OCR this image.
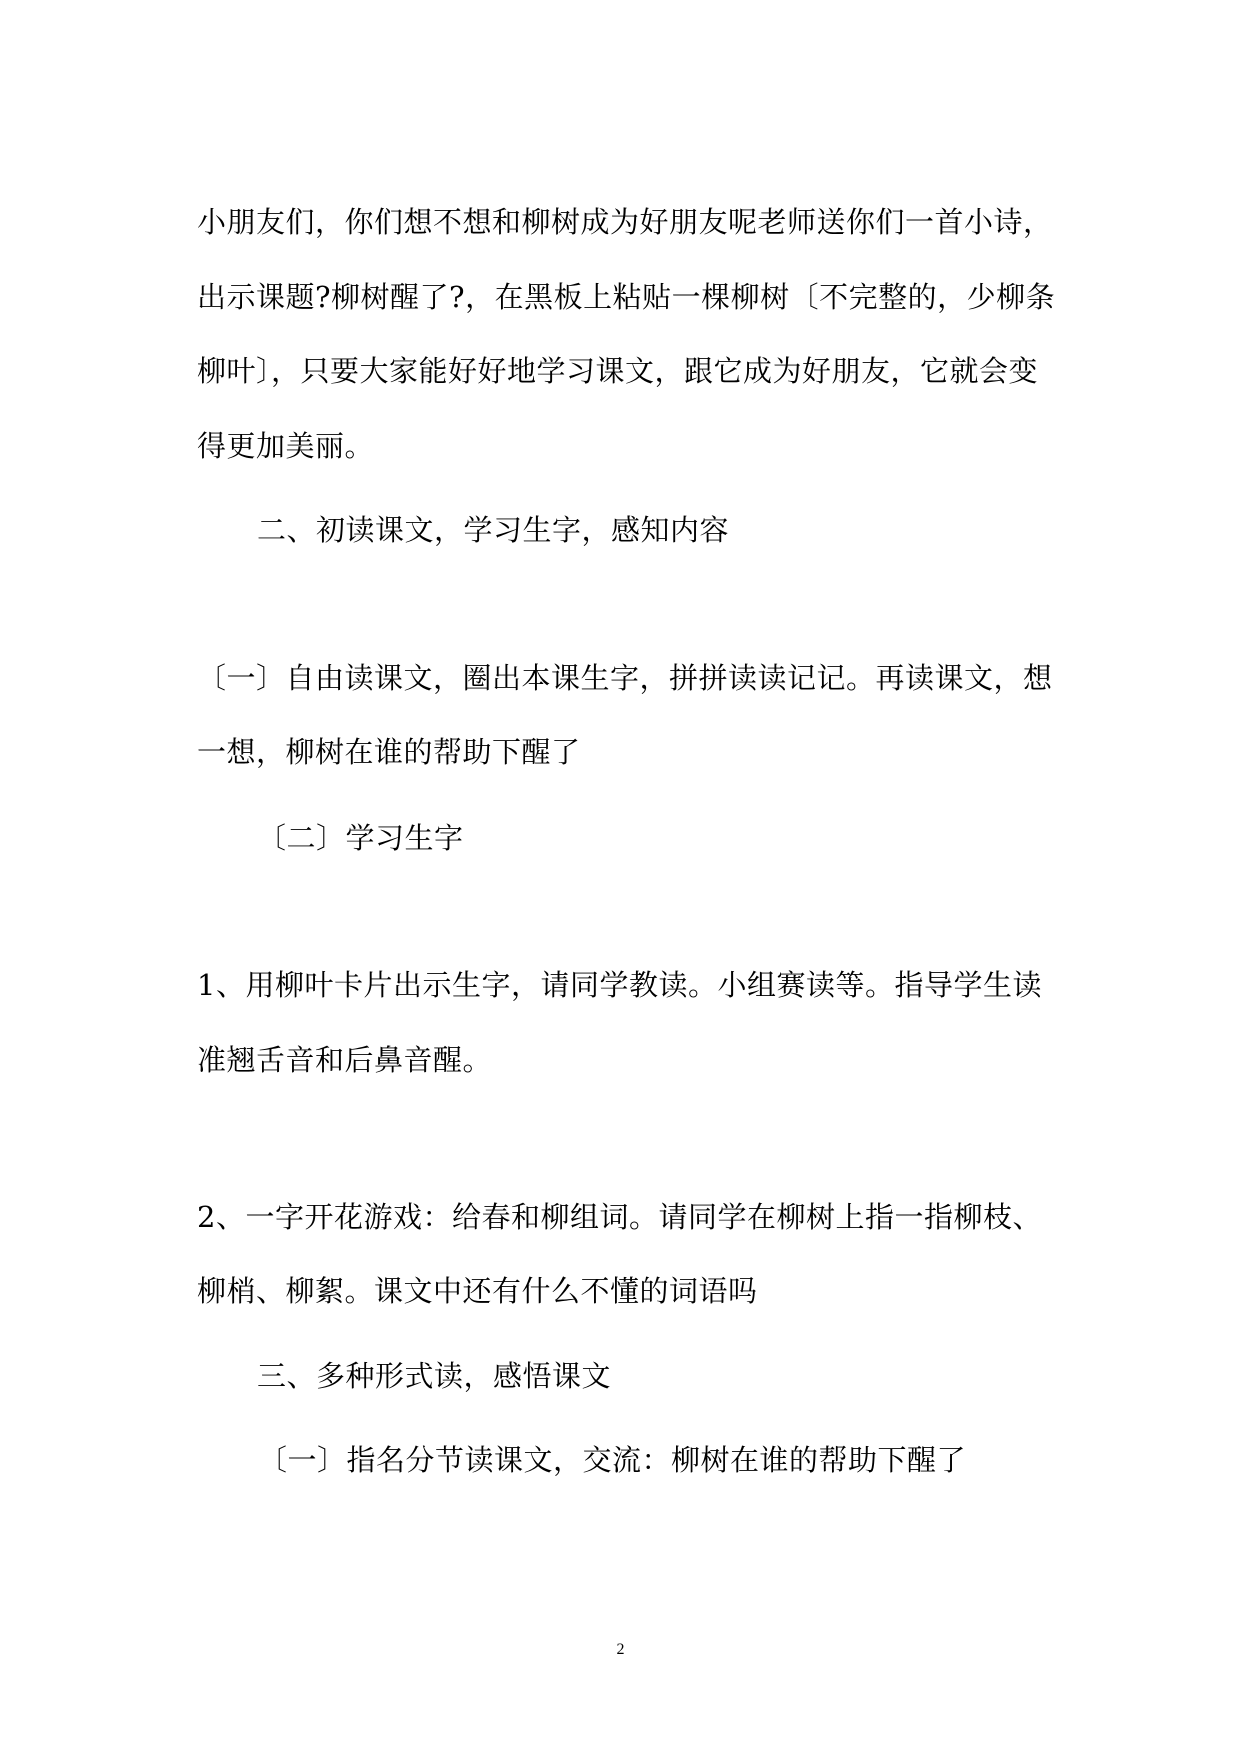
小朋友们，你们想不想和柳树成为好朋友呢老师送你们一首小诗，
出示课题?柳树醒了?，在黑板上粘贴一棵柳树〔不完整的，少柳条
柳叶〕，只要大家能好好地学习课文，跟它成为好朋友，它就会变
得更加美丽。
二、初读课文，学习生字，感知内容
〔一〕自由读课文，圈出本课生字，拼拼读读记记。再读课文，想
一想，柳树在谁的帮助下醒了
〔二〕学习生字
1、用柳叶卡片出示生字，请同学教读。小组赛读等。指导学生读
准翘舌音和后鼻音醒。
2、一字开花游戏：给春和柳组词。请同学在柳树上指一指柳枝、
柳梢、柳絮。课文中还有什么不懂的词语吗
三、多种形式读，感悟课文
〔一〕指名分节读课文，交流：柳树在谁的帮助下醒了
2
